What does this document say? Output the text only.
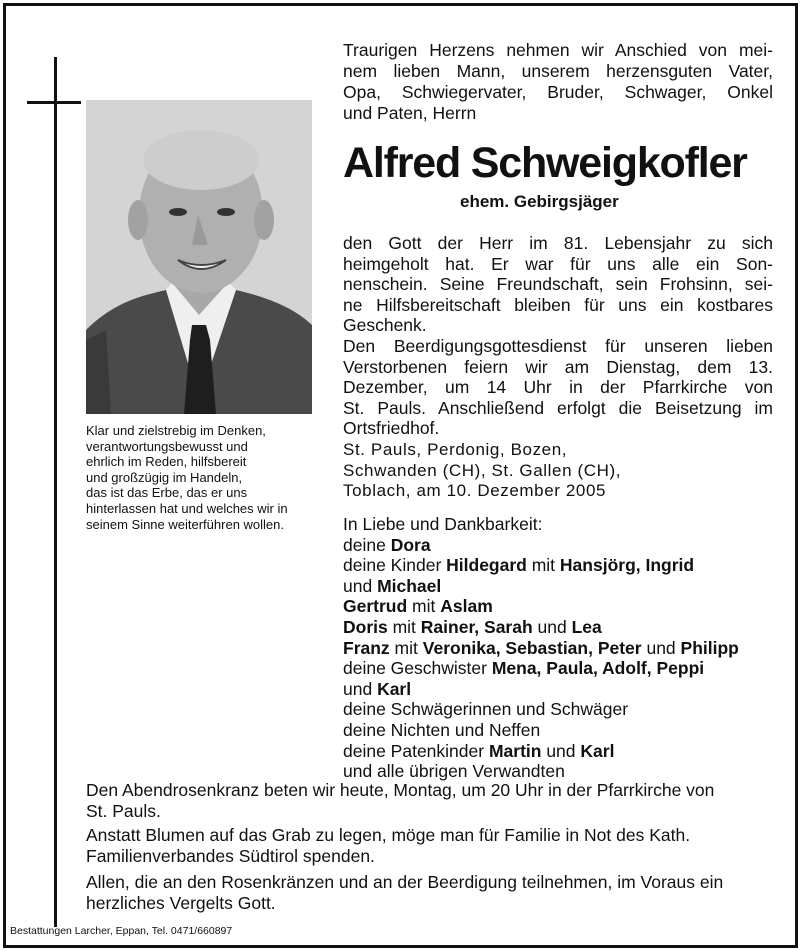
Klar und zielstrebig im Denken,
verantwortungsbewusst und
ehrlich im Reden, hilfsbereit
und großzügig im Handeln,
das ist das Erbe, das er uns
hinterlassen hat und welches wir in
seinem Sinne weiterführen wollen.
Traurigen Herzens nehmen wir Anschied von mei-
nem lieben Mann, unserem herzensguten Vater,
Opa, Schwiegervater, Bruder, Schwager, Onkel
und Paten, Herrn
Alfred Schweigkofler
ehem. Gebirgsjäger
den Gott der Herr im 81. Lebensjahr zu sich
heimgeholt hat. Er war für uns alle ein Son-
nenschein. Seine Freundschaft, sein Frohsinn, sei-
ne Hilfsbereitschaft bleiben für uns ein kostbares
Geschenk.
Den Beerdigungsgottesdienst für unseren lieben
Verstorbenen feiern wir am Dienstag, dem 13.
Dezember, um 14 Uhr in der Pfarrkirche von
St. Pauls. Anschließend erfolgt die Beisetzung im
Ortsfriedhof.
St. Pauls, Perdonig, Bozen,
Schwanden (CH), St. Gallen (CH),
Toblach, am 10. Dezember 2005
In Liebe und Dankbarkeit:
deine Dora
deine Kinder Hildegard mit Hansjörg, Ingrid
und Michael
Gertrud mit Aslam
Doris mit Rainer, Sarah und Lea
Franz mit Veronika, Sebastian, Peter und Philipp
deine Geschwister Mena, Paula, Adolf, Peppi
und Karl
deine Schwägerinnen und Schwäger
deine Nichten und Neffen
deine Patenkinder Martin und Karl
und alle übrigen Verwandten
Den Abendrosenkranz beten wir heute, Montag, um 20 Uhr in der Pfarrkirche von
St. Pauls.
Anstatt Blumen auf das Grab zu legen, möge man für Familie in Not des Kath.
Familienverbandes Südtirol spenden.
Allen, die an den Rosenkränzen und an der Beerdigung teilnehmen, im Voraus ein
herzliches Vergelts Gott.
Bestattungen Larcher, Eppan, Tel. 0471/660897
